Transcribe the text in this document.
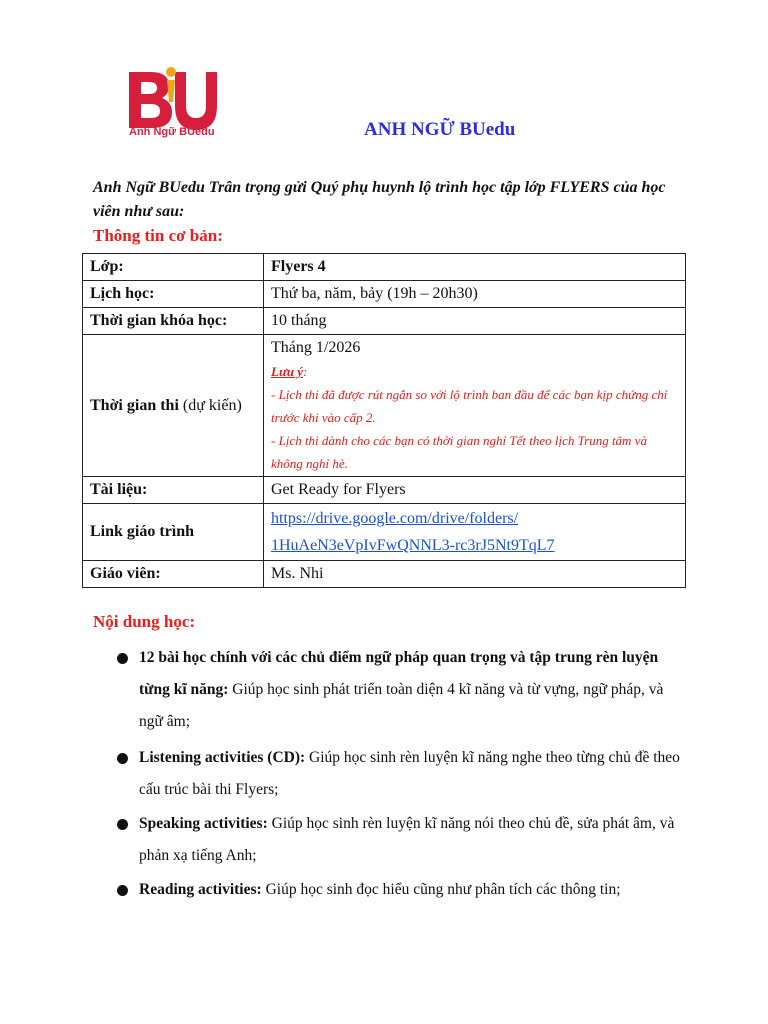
Anh Ngữ BUedu	ANH NGỮ BUedu
Anh Ngữ BUedu Trân trọng gửi Quý phụ huynh lộ trình học tập lớp FLYERS của học viên như sau:
Thông tin cơ bản:
Lớp:	Flyers 4
Lịch học:	Thứ ba, năm, bảy (19h – 20h30)
Thời gian khóa học:	10 tháng
Thời gian thi (dự kiến)	Tháng 1/2026
Lưu ý:
- Lịch thi đã được rút ngắn so với lộ trình ban đầu để các bạn kịp chứng chỉ trước khi vào cấp 2.
- Lịch thi dành cho các bạn có thời gian nghỉ Tết theo lịch Trung tâm và không nghỉ hè.

Tài liệu:	Get Ready for Flyers
Link giáo trình	https://drive.google.com/drive/folders/
1HuAeN3eVpIvFwQNNL3-rc3rJ5Nt9TqL7

Giáo viên:	Ms. Nhi
Nội dung học:
12 bài học chính với các chủ điểm ngữ pháp quan trọng và tập trung rèn luyện từng kĩ năng: Giúp học sinh phát triển toàn diện 4 kĩ năng và từ vựng, ngữ pháp, và ngữ âm;
Listening activities (CD): Giúp học sinh rèn luyện kĩ năng nghe theo từng chủ đề theo cấu trúc bài thi Flyers;
Speaking activities: Giúp học sinh rèn luyện kĩ năng nói theo chủ đề, sửa phát âm, và phản xạ tiếng Anh;
Reading activities: Giúp học sinh đọc hiểu cũng như phân tích các thông tin;
